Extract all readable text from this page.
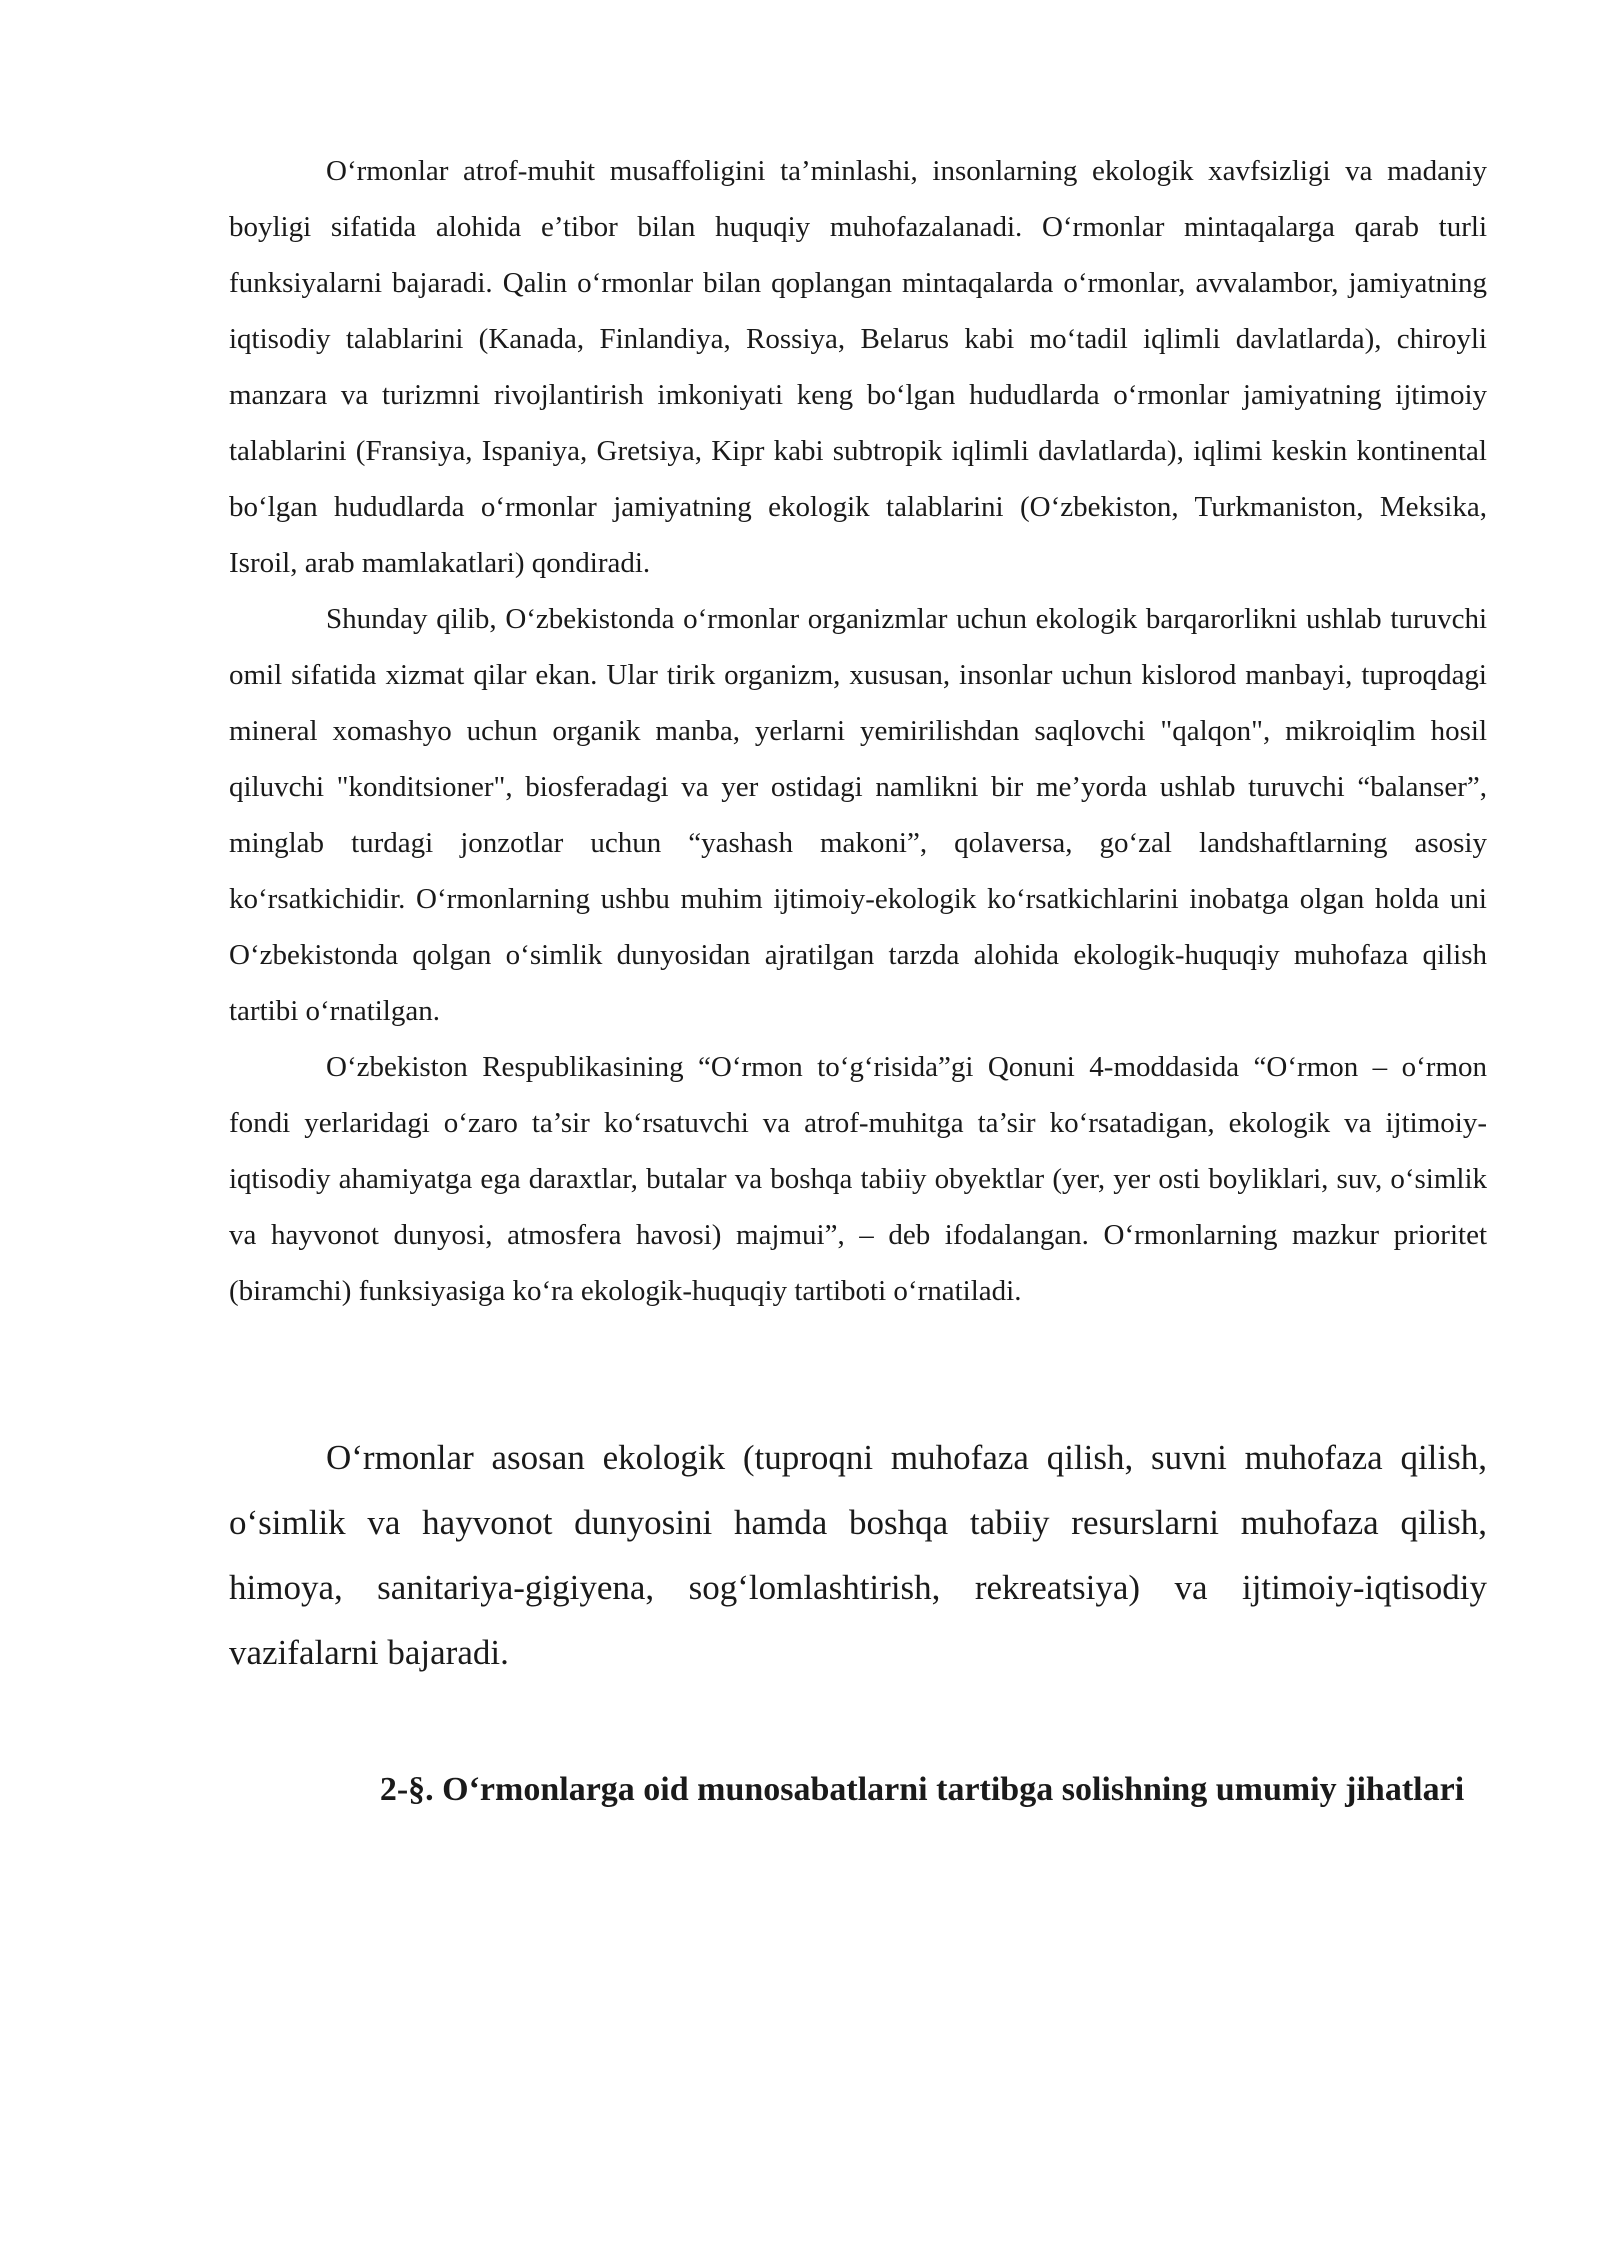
O‘rmonlar atrof-muhit musaffoligini ta’minlashi, insonlarning ekologik xavfsizligi va madaniy boyligi sifatida alohida e’tibor bilan huquqiy muhofazalanadi. O‘rmonlar mintaqalarga qarab turli funksiyalarni bajaradi. Qalin o‘rmonlar bilan qoplangan mintaqalarda o‘rmonlar, avvalambor, jamiyatning iqtisodiy talablarini (Kanada, Finlandiya, Rossiya, Belarus kabi mo‘tadil iqlimli davlatlarda), chiroyli manzara va turizmni rivojlantirish imkoniyati keng bo‘lgan hududlarda o‘rmonlar jamiyatning ijtimoiy talablarini (Fransiya, Ispaniya, Gretsiya, Kipr kabi subtropik iqlimli davlatlarda), iqlimi keskin kontinental bo‘lgan hududlarda o‘rmonlar jamiyatning ekologik talablarini (O‘zbekiston, Turkmaniston, Meksika, Isroil, arab mamlakatlari) qondiradi.

Shunday qilib, O‘zbekistonda o‘rmonlar organizmlar uchun ekologik barqarorlikni ushlab turuvchi omil sifatida xizmat qilar ekan. Ular tirik organizm, xususan, insonlar uchun kislorod manbayi, tuproqdagi mineral xomashyo uchun organik manba, yerlarni yemirilishdan saqlovchi "qalqon", mikroiqlim hosil qiluvchi "konditsioner", biosferadagi va yer ostidagi namlikni bir me’yorda ushlab turuvchi “balanser”, minglab turdagi jonzotlar uchun “yashash makoni”, qolaversa, go‘zal landshaftlarning asosiy ko‘rsatkichidir. O‘rmonlarning ushbu muhim ijtimoiy-ekologik ko‘rsatkichlarini inobatga olgan holda uni O‘zbekistonda qolgan o‘simlik dunyosidan ajratilgan tarzda alohida ekologik-huquqiy muhofaza qilish tartibi o‘rnatilgan.

O‘zbekiston Respublikasining “O‘rmon to‘g‘risida”gi Qonuni 4-moddasida “O‘rmon – o‘rmon fondi yerlaridagi o‘zaro ta’sir ko‘rsatuvchi va atrof-muhitga ta’sir ko‘rsatadigan, ekologik va ijtimoiy-iqtisodiy ahamiyatga ega daraxtlar, butalar va boshqa tabiiy obyektlar (yer, yer osti boyliklari, suv, o‘simlik va hayvonot dunyosi, atmosfera havosi) majmui”, – deb ifodalangan. O‘rmonlarning mazkur prioritet (biramchi) funksiyasiga ko‘ra ekologik-huquqiy tartiboti o‘rnatiladi.

O‘rmonlar asosan ekologik (tuproqni muhofaza qilish, suvni muhofaza qilish, o‘simlik va hayvonot dunyosini hamda boshqa tabiiy resurslarni muhofaza qilish, himoya, sanitariya-gigiyena, sog‘lomlashtirish, rekreatsiya) va ijtimoiy-iqtisodiy vazifalarni bajaradi.

2-§. O‘rmonlarga oid munosabatlarni tartibga solishning umumiy jihatlari
